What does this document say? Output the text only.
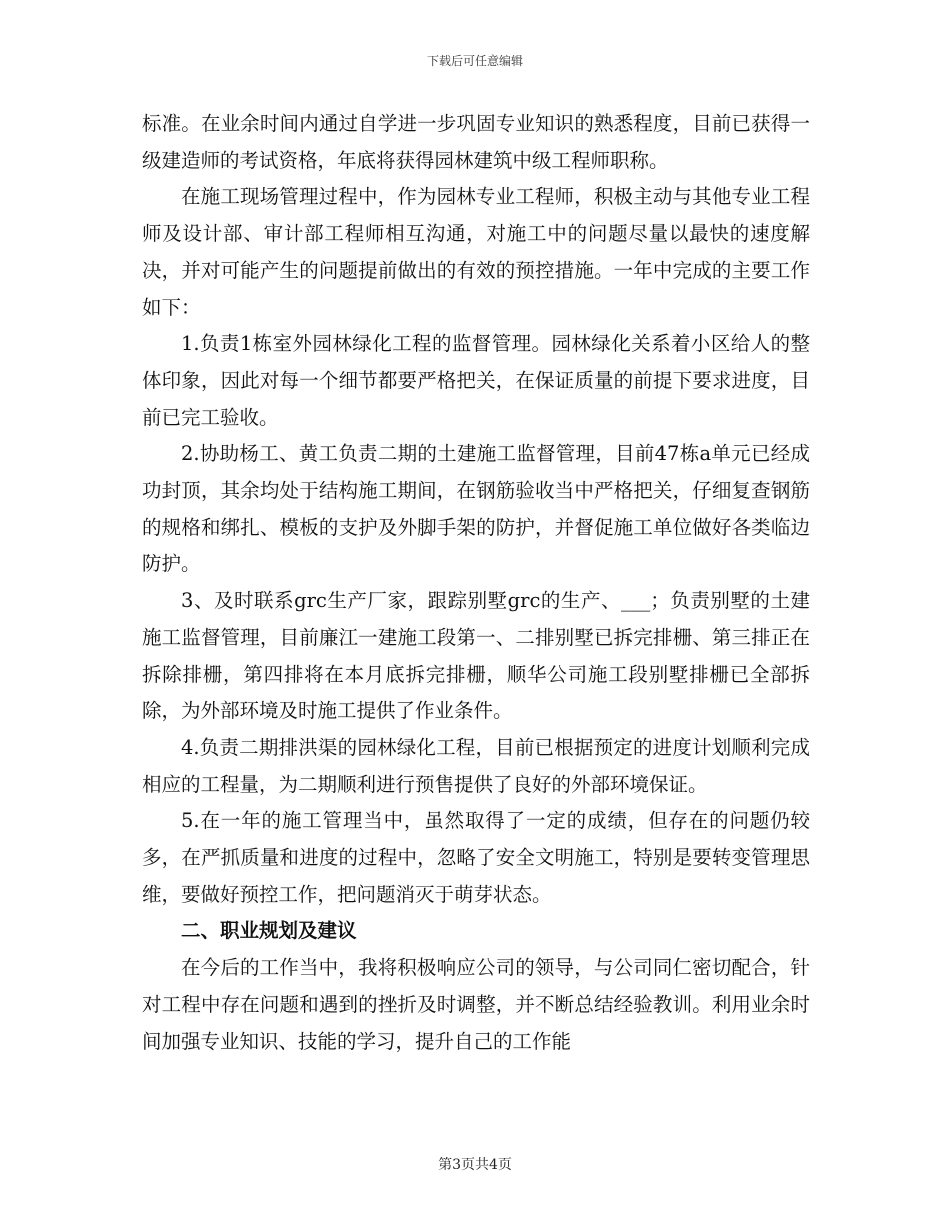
下载后可任意编辑

标准。在业余时间内通过自学进一步巩固专业知识的熟悉程度，目前已获得一级建造师的考试资格，年底将获得园林建筑中级工程师职称。

在施工现场管理过程中，作为园林专业工程师，积极主动与其他专业工程师及设计部、审计部工程师相互沟通，对施工中的问题尽量以最快的速度解决，并对可能产生的问题提前做出的有效的预控措施。一年中完成的主要工作如下：

1.负责1栋室外园林绿化工程的监督管理。园林绿化关系着小区给人的整体印象，因此对每一个细节都要严格把关，在保证质量的前提下要求进度，目前已完工验收。

2.协助杨工、黄工负责二期的土建施工监督管理，目前47栋a单元已经成功封顶，其余均处于结构施工期间，在钢筋验收当中严格把关，仔细复查钢筋的规格和绑扎、模板的支护及外脚手架的防护，并督促施工单位做好各类临边防护。

3、及时联系grc生产厂家，跟踪别墅grc的生产、___；负责别墅的土建施工监督管理，目前廉江一建施工段第一、二排别墅已拆完排栅、第三排正在拆除排栅，第四排将在本月底拆完排栅，顺华公司施工段别墅排栅已全部拆除，为外部环境及时施工提供了作业条件。

4.负责二期排洪渠的园林绿化工程，目前已根据预定的进度计划顺利完成相应的工程量，为二期顺利进行预售提供了良好的外部环境保证。

5.在一年的施工管理当中，虽然取得了一定的成绩，但存在的问题仍较多，在严抓质量和进度的过程中，忽略了安全文明施工，特别是要转变管理思维，要做好预控工作，把问题消灭于萌芽状态。

二、职业规划及建议

在今后的工作当中，我将积极响应公司的领导，与公司同仁密切配合，针对工程中存在问题和遇到的挫折及时调整，并不断总结经验教训。利用业余时间加强专业知识、技能的学习，提升自己的工作能

第3页共4页
